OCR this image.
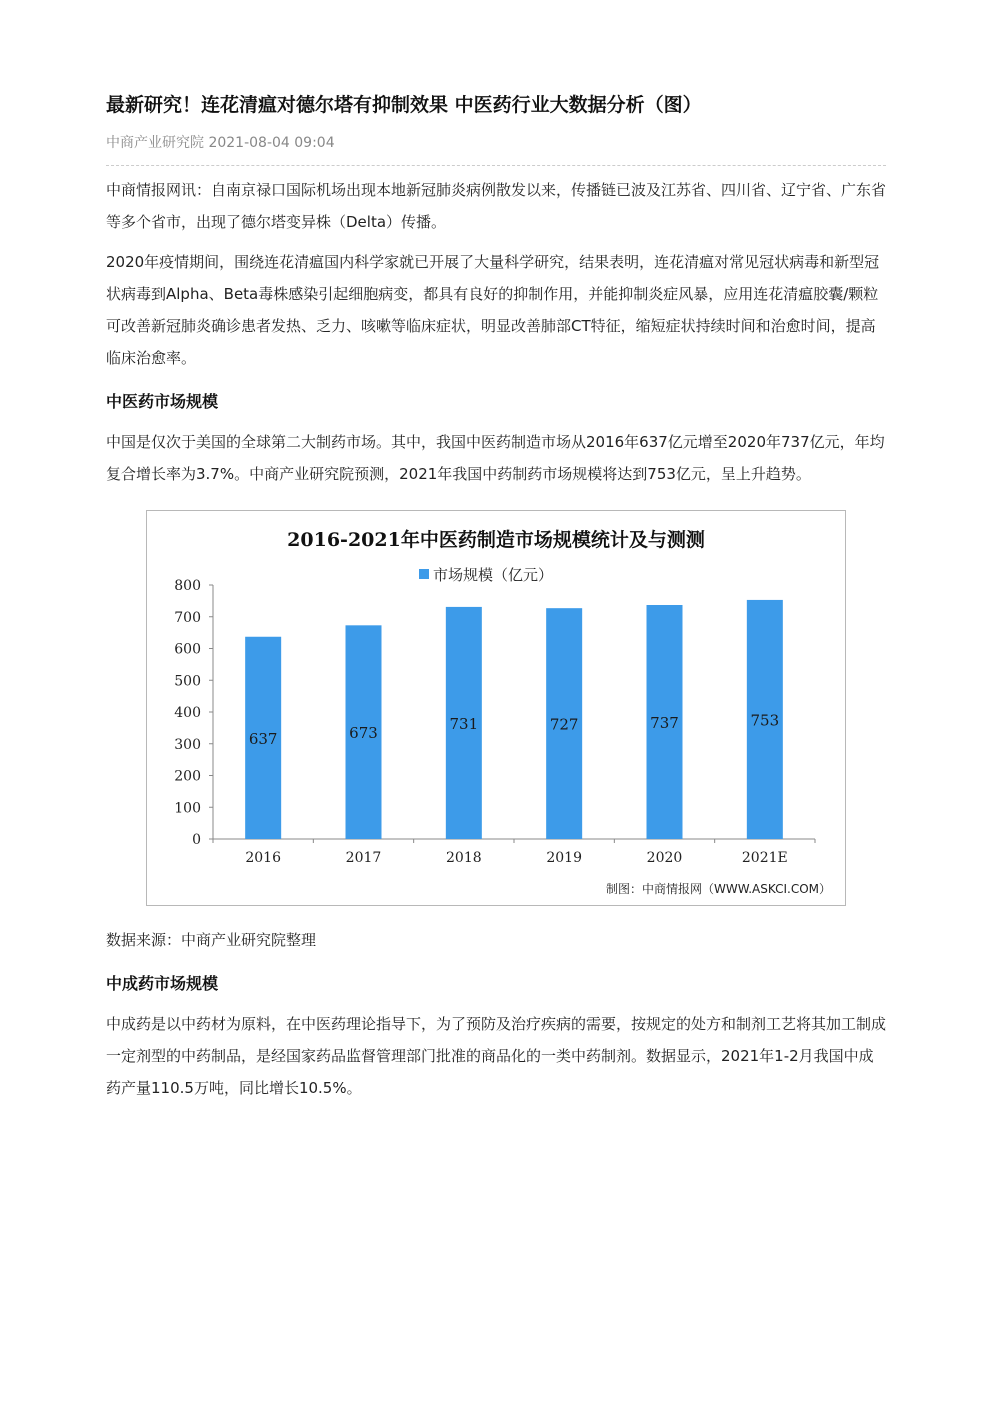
最新研究！连花清瘟对德尔塔有抑制效果 中医药行业大数据分析（图）
中商产业研究院 2021-08-04 09:04

中商情报网讯：自南京禄口国际机场出现本地新冠肺炎病例散发以来，传播链已波及江苏省、四川省、辽宁省、广东省等多个省市，出现了德尔塔变异株（Delta）传播。

2020年疫情期间，围绕连花清瘟国内科学家就已开展了大量科学研究，结果表明，连花清瘟对常见冠状病毒和新型冠状病毒到Alpha、Beta毒株感染引起细胞病变，都具有良好的抑制作用，并能抑制炎症风暴，应用连花清瘟胶囊/颗粒可改善新冠肺炎确诊患者发热、乏力、咳嗽等临床症状，明显改善肺部CT特征，缩短症状持续时间和治愈时间，提高临床治愈率。

中医药市场规模

中国是仅次于美国的全球第二大制药市场。其中，我国中医药制造市场从2016年637亿元增至2020年737亿元，年均复合增长率为3.7%。中商产业研究院预测，2021年我国中药制药市场规模将达到753亿元，呈上升趋势。

0
100
200
300
400
500
600
700
800
637
2016
673
2017
731
2018
727
2019
737
2020
753
2021E
市场规模（亿元）
2016-2021年中医药制造市场规模统计及与测测
制图：中商情报网（WWW.ASKCI.COM）

数据来源：中商产业研究院整理

中成药市场规模

中成药是以中药材为原料，在中医药理论指导下，为了预防及治疗疾病的需要，按规定的处方和制剂工艺将其加工制成一定剂型的中药制品，是经国家药品监督管理部门批准的商品化的一类中药制剂。数据显示，2021年1-2月我国中成药产量110.5万吨，同比增长10.5%。
